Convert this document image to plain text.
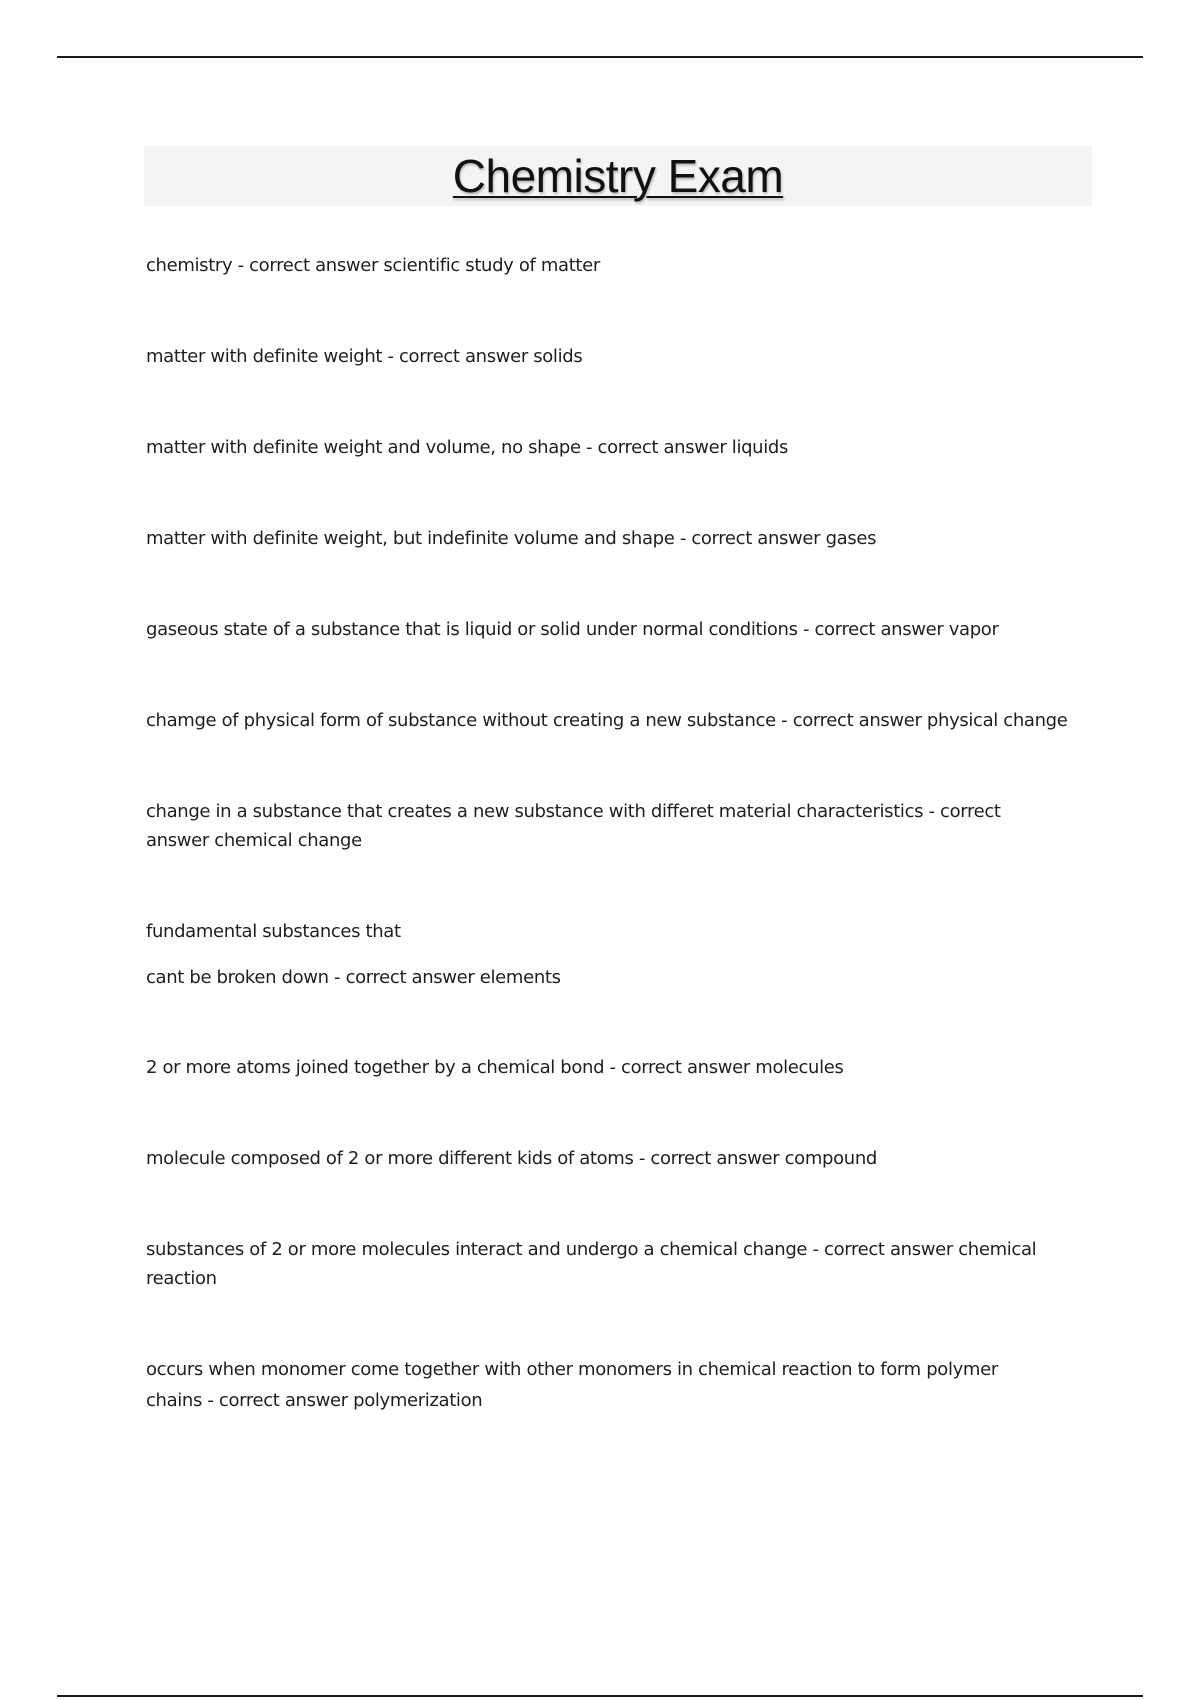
Chemistry Exam

chemistry - correct answer scientific study of matter

matter with definite weight - correct answer solids

matter with definite weight and volume, no shape - correct answer liquids

matter with definite weight, but indefinite volume and shape - correct answer gases

gaseous state of a substance that is liquid or solid under normal conditions - correct answer vapor

chamge of physical form of substance without creating a new substance - correct answer physical change

change in a substance that creates a new substance with differet material characteristics - correct

answer chemical change

fundamental substances that

cant be broken down - correct answer elements

2 or more atoms joined together by a chemical bond - correct answer molecules

molecule composed of 2 or more different kids of atoms - correct answer compound

substances of 2 or more molecules interact and undergo a chemical change - correct answer chemical

reaction

occurs when monomer come together with other monomers in chemical reaction to form polymer

chains - correct answer polymerization
